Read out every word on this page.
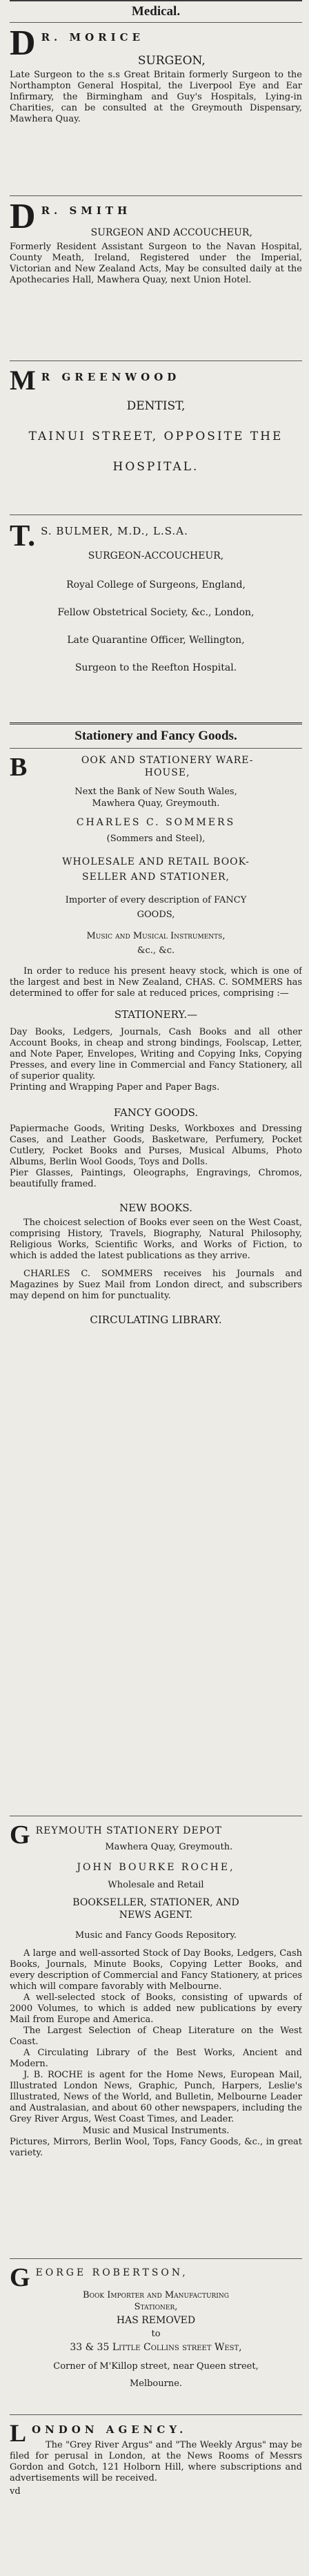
Medical.
D R. MORICE
SURGEON,

Late Surgeon to the s.s Great Britain formerly Surgeon to the Northampton General Hospital, the Liverpool Eye and Ear Infirmary, the Birmingham and Guy's Hospitals, Lying-in Charities, can be consulted at the Greymouth Dispensary, Mawhera Quay.

D R. SMITH
SURGEON AND ACCOUCHEUR,

Formerly Resident Assistant Surgeon to the Navan Hospital, County Meath, Ireland, Registered under the Imperial, Victorian and New Zealand Acts, May be consulted daily at the Apothecaries Hall, Mawhera Quay, next Union Hotel.

M R GREENWOOD
DENTIST,
TAINUI STREET, OPPOSITE THE
HOSPITAL.
T. S. BULMER, M.D., L.S.A.
SURGEON-ACCOUCHEUR,
Royal College of Surgeons, England,
Fellow Obstetrical Society, &c., London,
Late Quarantine Officer, Wellington,
Surgeon to the Reefton Hospital.
Stationery and Fancy Goods.
B	OOK AND STATIONERY WARE-
HOUSE,
Next the Bank of New South Wales,
Mawhera Quay, Greymouth.
CHARLES C. SOMMERS
(Sommers and Steel),
WHOLESALE AND RETAIL BOOK-
SELLER AND STATIONER,
Importer of every description of FANCY
GOODS,
Music and Musical Instruments,
&c., &c.

In order to reduce his present heavy stock, which is one of the largest and best in New Zealand, CHAS. C. SOMMERS has determined to offer for sale at reduced prices, comprising :—

STATIONERY.—

Day Books, Ledgers, Journals, Cash Books and all other Account Books, in cheap and strong bindings, Foolscap, Letter, and Note Paper, Envelopes, Writing and Copying Inks, Copying Presses, and every line in Commercial and Fancy Stationery, all of superior quality.

Printing and Wrapping Paper and Paper Bags.

FANCY GOODS.

Papiermache Goods, Writing Desks, Workboxes and Dressing Cases, and Leather Goods, Basketware, Perfumery, Pocket Cutlery, Pocket Books and Purses, Musical Albums, Photo Albums, Berlin Wool Goods, Toys and Dolls.

Pier Glasses, Paintings, Oleographs, Engravings, Chromos, beautifully framed.

NEW BOOKS.

The choicest selection of Books ever seen on the West Coast, comprising History, Travels, Biography, Natural Philosophy, Religious Works, Scientific Works, and Works of Fiction, to which is added the latest publications as they arrive.

CHARLES C. SOMMERS receives his Journals and Magazines by Suez Mail from London direct, and subscribers may depend on him for punctuality.

CIRCULATING LIBRARY.
G REYMOUTH STATIONERY DEPOT
Mawhera Quay, Greymouth.
JOHN BOURKE ROCHE,
Wholesale and Retail
BOOKSELLER, STATIONER, AND
NEWS AGENT.
Music and Fancy Goods Repository.

A large and well-assorted Stock of Day Books, Ledgers, Cash Books, Journals, Minute Books, Copying Letter Books, and every description of Commercial and Fancy Stationery, at prices which will compare favorably with Melbourne.

A well-selected stock of Books, consisting of upwards of 2000 Volumes, to which is added new publications by every Mail from Europe and America.

The Largest Selection of Cheap Literature on the West Coast.

A Circulating Library of the Best Works, Ancient and Modern.

J. B. ROCHE is agent for the Home News, European Mail, Illustrated London News, Graphic, Punch, Harpers, Leslie's Illustrated, News of the World, and Bulletin, Melbourne Leader and Australasian, and about 60 other newspapers, including the Grey River Argus, West Coast Times, and Leader.

Music and Musical Instruments.

Pictures, Mirrors, Berlin Wool, Tops, Fancy Goods, &c., in great variety.

G EORGE ROBERTSON,
Book Importer and Manufacturing
Stationer,
HAS REMOVED
to
33 & 35 Little Collins street West,
Corner of M'Killop street, near Queen street,
Melbourne.
L ONDON AGENCY.

The "Grey River Argus" and "The Weekly Argus" may be filed for perusal in London, at the News Rooms of Messrs Gordon and Gotch, 121 Holborn Hill, where subscriptions and advertisements will be received.

vd
